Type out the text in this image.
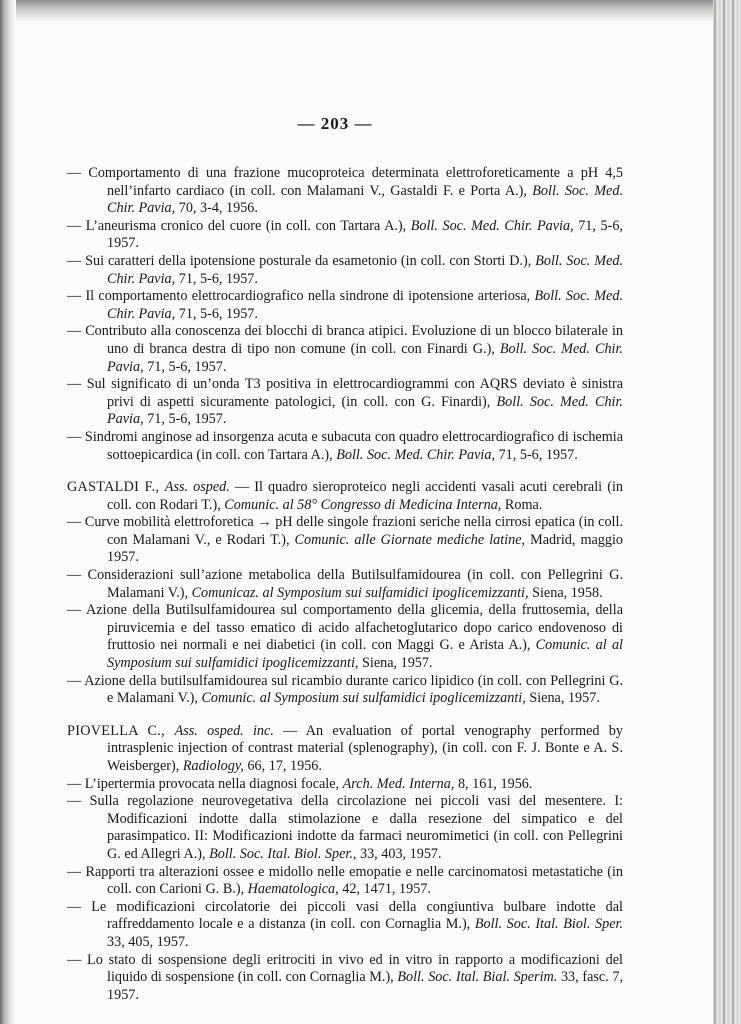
— 203 —

— Comportamento di una frazione mucoproteica determinata elettroforeticamente a pH 4,5 nell’infarto cardiaco (in coll. con Malamani V., Gastaldi F. e Porta A.), Boll. Soc. Med. Chir. Pavia, 70, 3-4, 1956.

— L’aneurisma cronico del cuore (in coll. con Tartara A.), Boll. Soc. Med. Chir. Pavia, 71, 5-6, 1957.

— Sui caratteri della ipotensione posturale da esametonio (in coll. con Storti D.), Boll. Soc. Med. Chir. Pavia, 71, 5-6, 1957.

— Il comportamento elettrocardiografico nella sindrone di ipotensione arteriosa, Boll. Soc. Med. Chir. Pavia, 71, 5-6, 1957.

— Contributo alla conoscenza dei blocchi di branca atipici. Evoluzione di un blocco bilaterale in uno di branca destra di tipo non comune (in coll. con Finardi G.), Boll. Soc. Med. Chir. Pavia, 71, 5-6, 1957.

— Sul significato di un’onda T3 positiva in elettrocardiogrammi con AQRS deviato è sinistra privi di aspetti sicuramente patologici, (in coll. con G. Finardi), Boll. Soc. Med. Chir. Pavia, 71, 5-6, 1957.

— Sindromi anginose ad insorgenza acuta e subacuta con quadro elettrocardiografico di ischemia sottoepicardica (in coll. con Tartara A.), Boll. Soc. Med. Chir. Pavia, 71, 5-6, 1957.

GASTALDI F., Ass. osped. — Il quadro sieroproteico negli accidenti vasali acuti cerebrali (in coll. con Rodari T.), Comunic. al 58° Congresso di Medicina Interna, Roma.

— Curve mobilità elettroforetica → pH delle singole frazioni seriche nella cirrosi epatica (in coll. con Malamani V., e Rodari T.), Comunic. alle Giornate mediche latine, Madrid, maggio 1957.

— Considerazioni sull’azione metabolica della Butilsulfamidourea (in coll. con Pellegrini G. Malamani V.), Comunicaz. al Symposium sui sulfamidici ipoglicemizzanti, Siena, 1958.

— Azione della Butilsulfamidourea sul comportamento della glicemia, della fruttosemia, della piruvicemia e del tasso ematico di acido alfachetoglutarico dopo carico endovenoso di fruttosio nei normali e nei diabetici (in coll. con Maggi G. e Arista A.), Comunic. al al Symposium sui sulfamidici ipoglicemizzanti, Siena, 1957.

— Azione della butilsulfamidourea sul ricambio durante carico lipidico (in coll. con Pellegrini G. e Malamani V.), Comunic. al Symposium sui sulfamidici ipoglicemizzanti, Siena, 1957.

PIOVELLA C., Ass. osped. inc. — An evaluation of portal venography performed by intrasplenic injection of contrast material (splenography), (in coll. con F. J. Bonte e A. S. Weisberger), Radiology, 66, 17, 1956.

— L’ipertermia provocata nella diagnosi focale, Arch. Med. Interna, 8, 161, 1956.

— Sulla regolazione neurovegetativa della circolazione nei piccoli vasi del mesentere. I: Modificazioni indotte dalla stimolazione e dalla resezione del simpatico e del parasimpatico. II: Modificazioni indotte da farmaci neuromimetici (in coll. con Pellegrini G. ed Allegri A.), Boll. Soc. Ital. Biol. Sper., 33, 403, 1957.

— Rapporti tra alterazioni ossee e midollo nelle emopatie e nelle carcinomatosi metastatiche (in coll. con Carioni G. B.), Haematologica, 42, 1471, 1957.

— Le modificazioni circolatorie dei piccoli vasi della congiuntiva bulbare indotte dal raffreddamento locale e a distanza (in coll. con Cornaglia M.), Boll. Soc. Ital. Biol. Sper. 33, 405, 1957.

— Lo stato di sospensione degli eritrociti in vivo ed in vitro in rapporto a modificazioni del liquido di sospensione (in coll. con Cornaglia M.), Boll. Soc. Ital. Bial. Sperim. 33, fasc. 7, 1957.
